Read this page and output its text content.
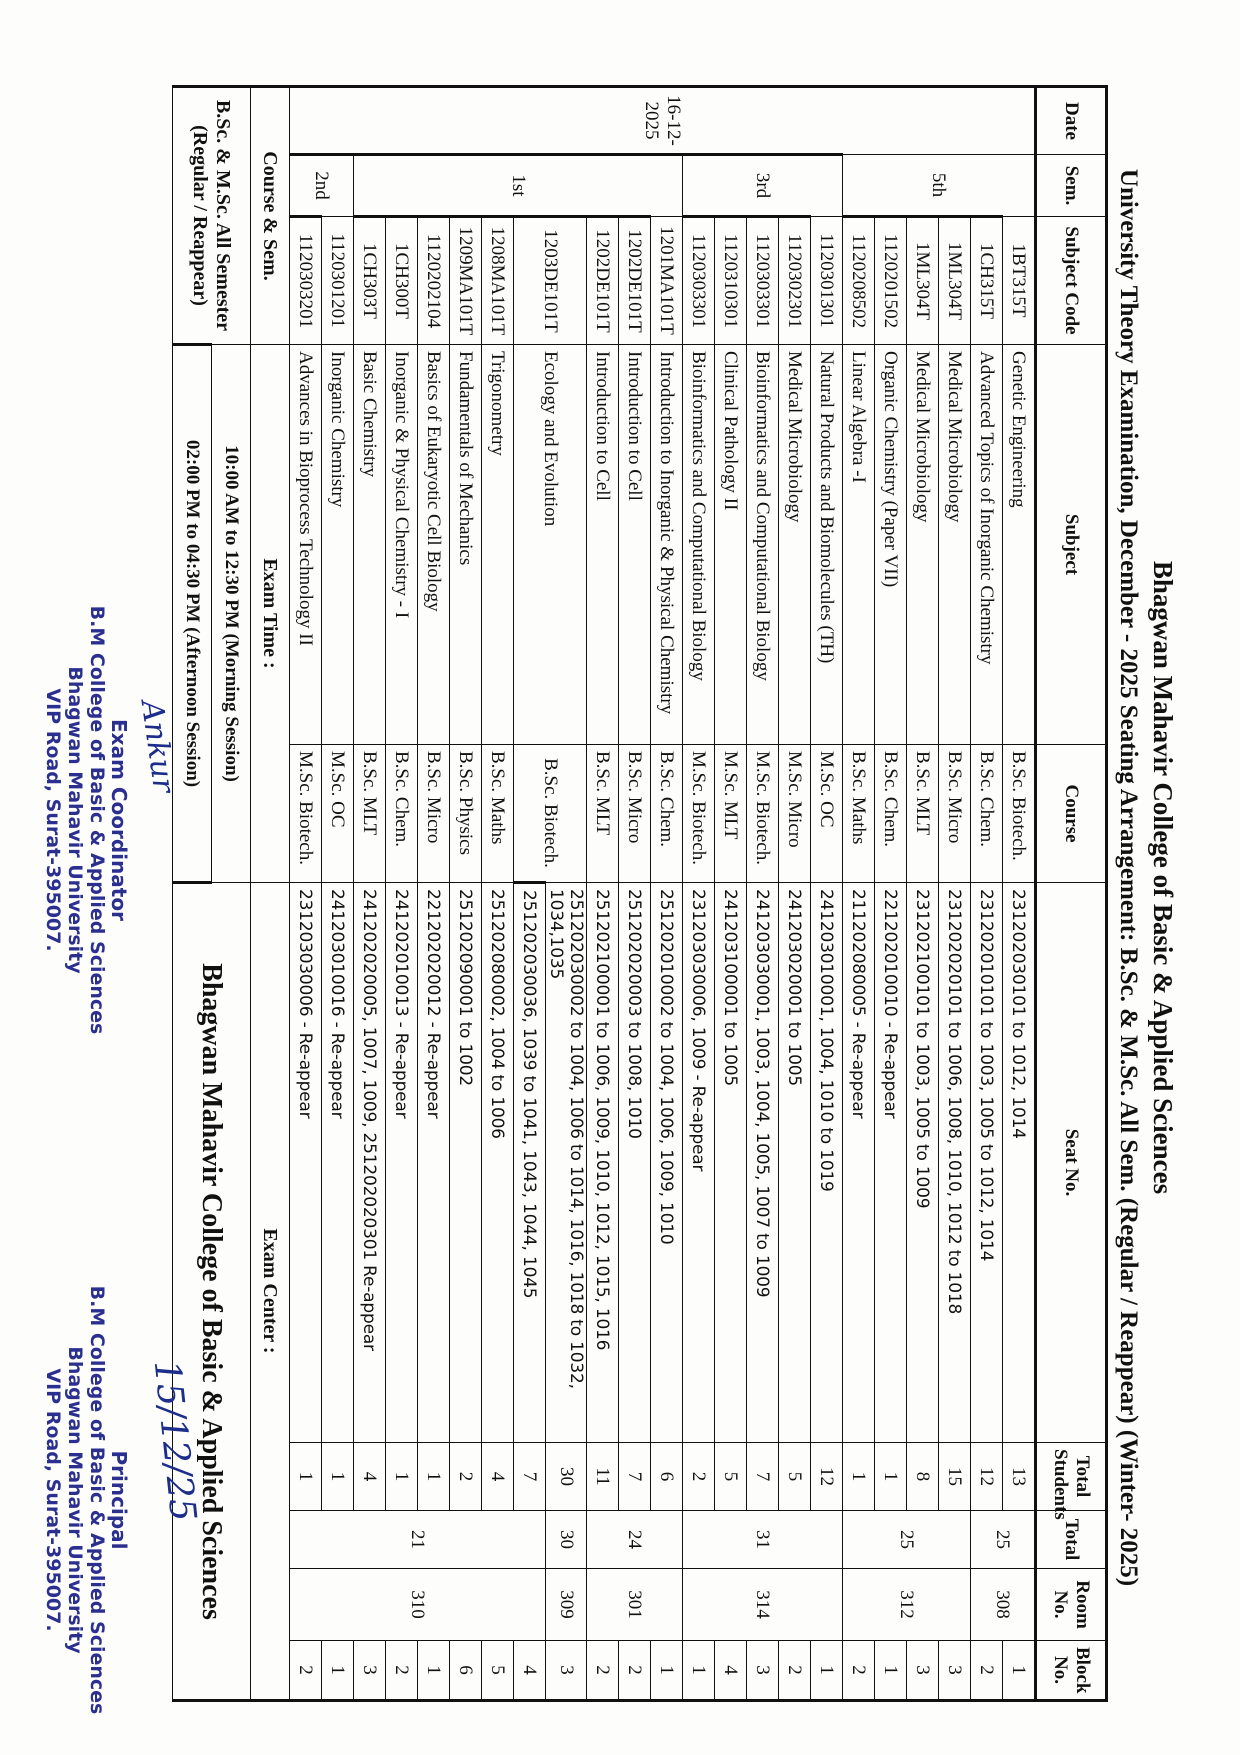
Bhagwan Mahavir College of Basic & Applied Sciences
University Theory Examination, December - 2025 Seating Arrangement: B.Sc. & M.Sc. All Sem. (Regular / Reappear) (Winter- 2025)
Date	Sem.	Subject Code	Subject	Course	Seat No.	Total Students	Total	Room No.	Block No.
16-12-2025	5th	1BT315T	Genetic Engineering	B.Sc. Biotech.	231202030101 to 1012, 1014	13	25	308	1
		1CH315T	Advanced Topics of Inorganic Chemistry	B.Sc. Chem.	231202010101 to 1003, 1005 to 1012, 1014	12			2
		1ML304T	Medical Microbiology	B.Sc. Micro	231202020101 to 1006, 1008, 1010, 1012 to 1018	15	25	312	3
		1ML304T	Medical Microbiology	B.Sc. MLT	231202100101 to 1003, 1005 to 1009	8			3
		1120201502	Organic Chemistry (Paper VII)	B.Sc. Chem.	221202010010 - Re-appear	1			1
		1120208502	Linear Algebra -I	B.Sc. Maths	211202080005 - Re-appear	1			2
	3rd	1120301301	Natural Products and Biomolecules (TH)	M.Sc. OC	241203010001, 1004, 1010 to 1019	12	31	314	1
		1120302301	Medical Microbiology	M.Sc. Micro	241203020001 to 1005	5			2
		1120303301	Bioinformatics and Computational Biology	M.Sc. Biotech.	241203030001, 1003, 1004, 1005, 1007 to 1009	7			3
		1120310301	Clinical Pathology II	M.Sc. MLT	241203100001 to 1005	5			4
		1120303301	Bioinformatics and Computational Biology	M.Sc. Biotech.	231203030006, 1009 - Re-appear	2			1
	1st	1201MA101T	Introduction to Inorganic & Physical Chemistry	B.Sc. Chem.	251202010002 to 1004, 1006, 1009, 1010	6	24	301	1
		1202DE101T	Introduction to Cell	B.Sc. Micro	251202020003 to 1008, 1010	7			2
		1202DE101T	Introduction to Cell	B.Sc. MLT	251202100001 to 1006, 1009, 1010, 1012, 1015, 1016	11			2
		1203DE101T	Ecology and Evolution	B.Sc. Biotech.	251202030002 to 1004, 1006 to 1014, 1016, 1018 to 1032, 1034,1035	30	30	309	3
					251202030036, 1039 to 1041, 1043, 1044, 1045	7	21	310	4
		1208MA101T	Trigonometry	B.Sc. Maths	251202080002, 1004 to 1006	4			5
		1209MA101T	Fundamentals of Mechanics	B.Sc. Physics	251202090001 to 1002	2			6
		1120202104	Basics of Eukaryotic Cell Biology	B.Sc. Micro	221202020012 - Re-appear	1			1
		1CH300T	Inorganic & Physical Chemistry - I	B.Sc. Chem.	241202010013 - Re-appear	1			2
		1CH303T	Basic Chemistry	B.Sc. MLT	241202020005, 1007, 1009, 251202020301 Re-appear	4			3
	2nd	1120301201	Inorganic Chemistry	M.Sc. OC	241203010016 - Re-appear	1			1
		1120303201	Advances in Bioprocess Technology II	M.Sc. Biotech.	231203030006 - Re-appear	1			2
Course & Sem.			Exam Time :		Exam Center :				

B.Sc. & M.Sc. All Semester
(Regular / Reappear)			10:00 AM to 12:30 PM (Morning Session)		Bhagwan Mahavir College of Basic & Applied Sciences				
			02:00 PM to 04:30 PM (Afternoon Session)						
Ankur
Exam Coordinator
B.M College of Basic & Applied Sciences
Bhagwan Mahavir University
VIP Road, Surat-395007.
15/12/25
Principal
B.M College of Basic & Applied Sciences
Bhagwan Mahavir University
VIP Road, Surat-395007.
